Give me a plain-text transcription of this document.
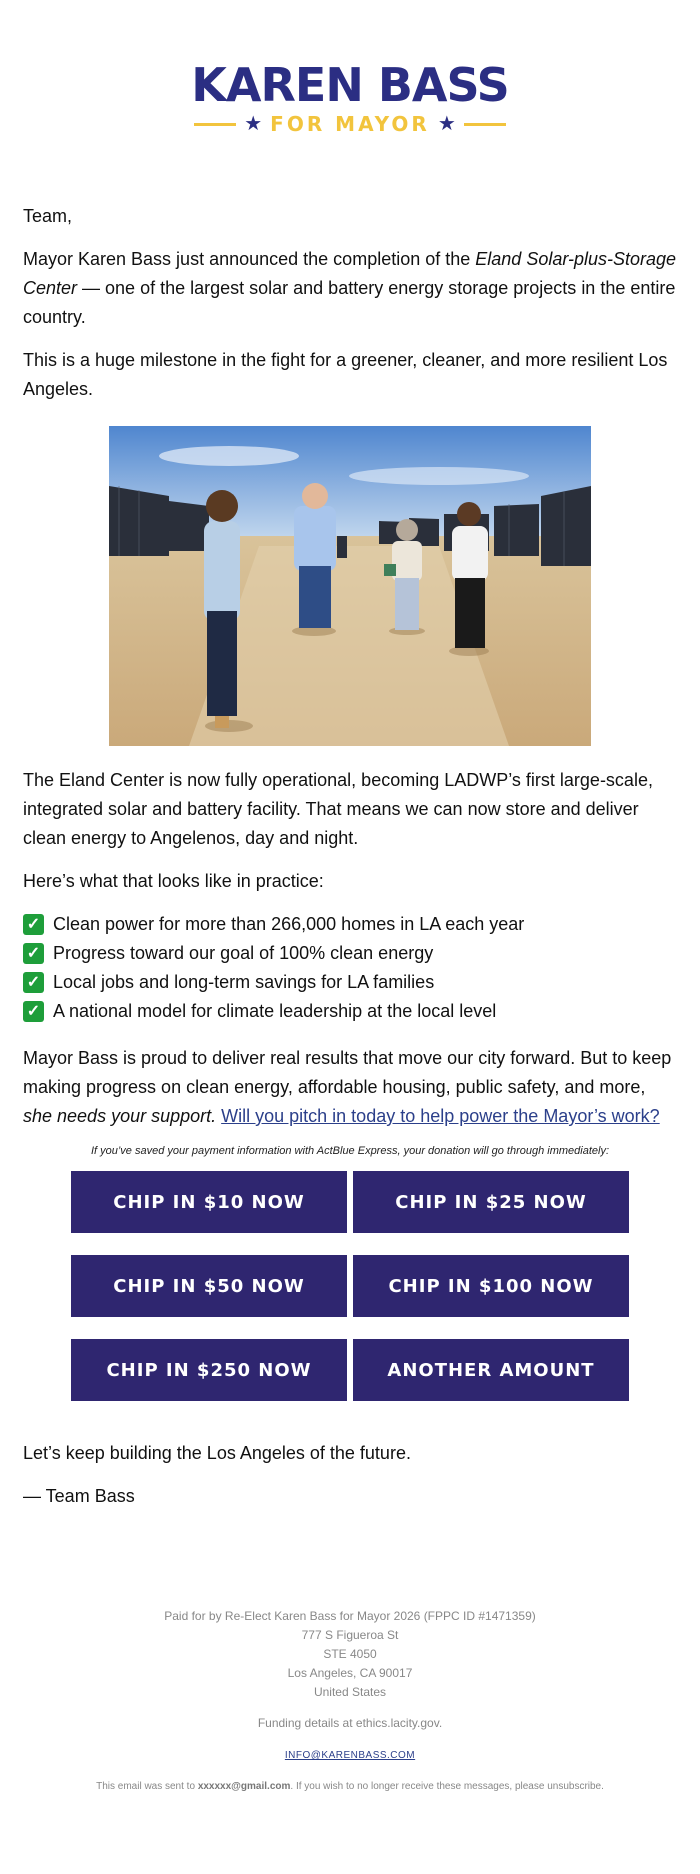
KAREN BASS
★ FOR MAYOR ★

Team,

Mayor Karen Bass just announced the completion of the Eland Solar-plus-Storage Center — one of the largest solar and battery energy storage projects in the entire country.

This is a huge milestone in the fight for a greener, cleaner, and more resilient Los Angeles.

The Eland Center is now fully operational, becoming LADWP’s first large-scale, integrated solar and battery facility. That means we can now store and deliver clean energy to Angelenos, day and night.

Here’s what that looks like in practice:

✓ Clean power for more than 266,000 homes in LA each year
✓ Progress toward our goal of 100% clean energy
✓ Local jobs and long-term savings for LA families
✓ A national model for climate leadership at the local level

Mayor Bass is proud to deliver real results that move our city forward. But to keep making progress on clean energy, affordable housing, public safety, and more, she needs your support. Will you pitch in today to help power the Mayor’s work?

If you’ve saved your payment information with ActBlue Express, your donation will go through immediately:
CHIP IN $10 NOW	CHIP IN $25 NOW
CHIP IN $50 NOW	CHIP IN $100 NOW
CHIP IN $250 NOW	ANOTHER AMOUNT

Let’s keep building the Los Angeles of the future.

— Team Bass

Paid for by Re-Elect Karen Bass for Mayor 2026 (FPPC ID #1471359)
777 S Figueroa St
STE 4050
Los Angeles, CA 90017
United States
Funding details at ethics.lacity.gov.
INFO@KARENBASS.COM
This email was sent to xxxxxx@gmail.com. If you wish to no longer receive these messages, please unsubscribe.
